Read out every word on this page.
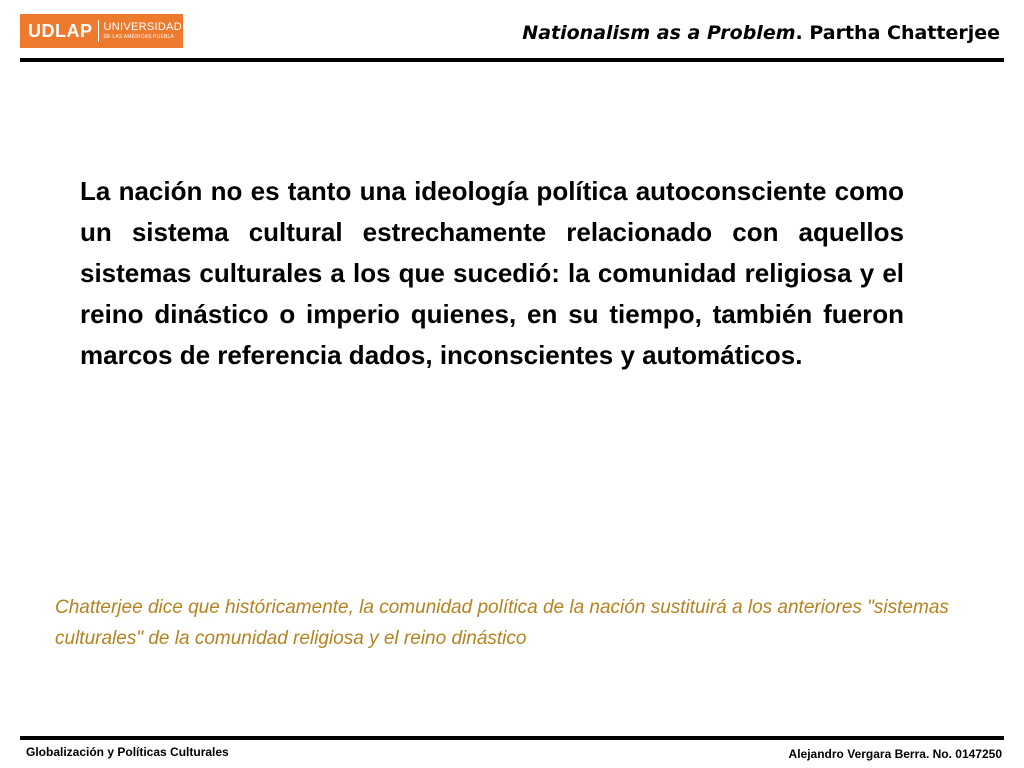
UDLAP UNIVERSIDAD
DE LAS AMÉRICAS PUEBLA	Nationalism as a Problem. Partha Chatterjee
La nación no es tanto una ideología política autoconsciente como un sistema cultural estrechamente relacionado con aquellos sistemas culturales a los que sucedió: la comunidad religiosa y el reino dinástico o imperio quienes, en su tiempo, también fueron marcos de referencia dados, inconscientes y automáticos.
Chatterjee dice que históricamente, la comunidad política de la nación sustituirá a los anteriores "sistemas culturales" de la comunidad religiosa y el reino dinástico
Globalización y Políticas Culturales	Alejandro Vergara Berra. No. 0147250
